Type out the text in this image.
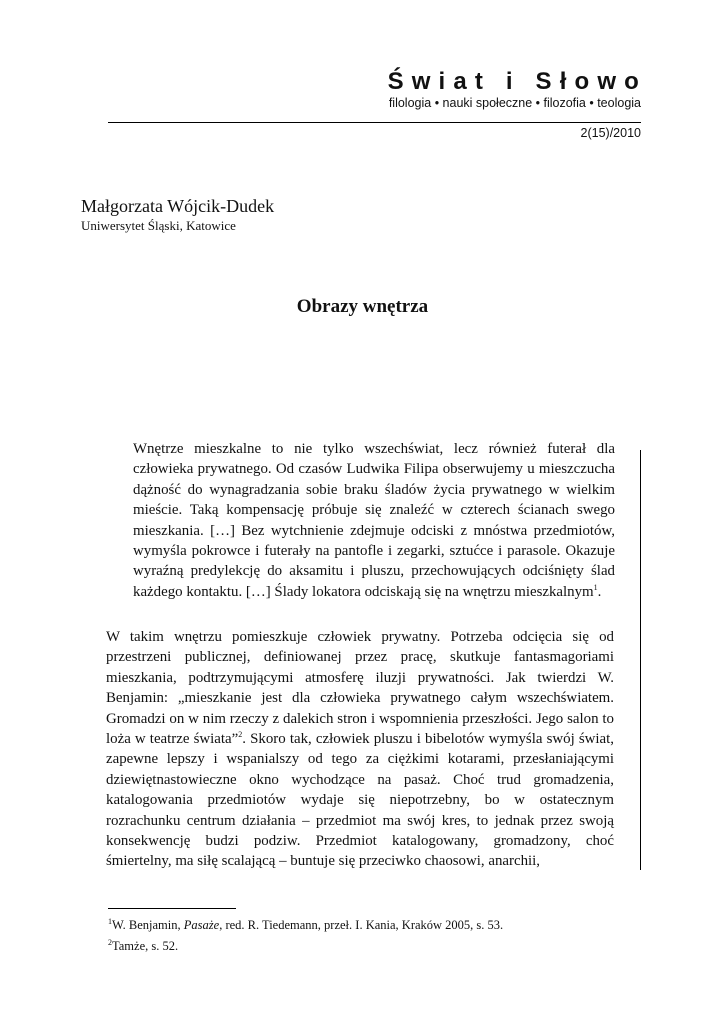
Świat i Słowo
filologia • nauki społeczne • filozofia • teologia
2(15)/2010
Małgorzata Wójcik-Dudek
Uniwersytet Śląski, Katowice
Obrazy wnętrza
Wnętrze mieszkalne to nie tylko wszechświat, lecz również futerał dla człowieka prywatnego. Od czasów Ludwika Filipa obserwujemy u mieszczucha dążność do wynagradzania sobie braku śladów życia prywatnego w wielkim mieście. Taką kompensację próbuje się znaleźć w czterech ścianach swego mieszkania. […] Bez wytchnienie zdejmuje odciski z mnóstwa przedmiotów, wymyśla pokrowce i futerały na pantofle i zegarki, sztućce i parasole. Okazuje wyraźną predylekcję do aksamitu i pluszu, przechowujących odciśnięty ślad każdego kontaktu. […] Ślady lokatora odciskają się na wnętrzu mieszkalnym$^1$.
W takim wnętrzu pomieszkuje człowiek prywatny. Potrzeba odcięcia się od przestrzeni publicznej, definiowanej przez pracę, skutkuje fantasmagoriami mieszkania, podtrzymującymi atmosferę iluzji prywatności. Jak twierdzi W. Benjamin: „mieszkanie jest dla człowieka prywatnego całym wszechświatem. Gromadzi on w nim rzeczy z dalekich stron i wspomnienia przeszłości. Jego salon to loża w teatrze świata”$^2$. Skoro tak, człowiek pluszu i bibelotów wymyśla swój świat, zapewne lepszy i wspanialszy od tego za ciężkimi kotarami, przesłaniającymi dziewiętnastowieczne okno wychodzące na pasaż. Choć trud gromadzenia, katalogowania przedmiotów wydaje się niepotrzebny, bo w ostatecznym rozrachunku centrum działania – przedmiot ma swój kres, to jednak przez swoją konsekwencję budzi podziw. Przedmiot katalogowany, gromadzony, choć śmiertelny, ma siłę scalającą – buntuje się przeciwko chaosowi, anarchii,
$^1$W. Benjamin, Pasaże, red. R. Tiedemann, przeł. I. Kania, Kraków 2005, s. 53.
$^2$Tamże, s. 52.
